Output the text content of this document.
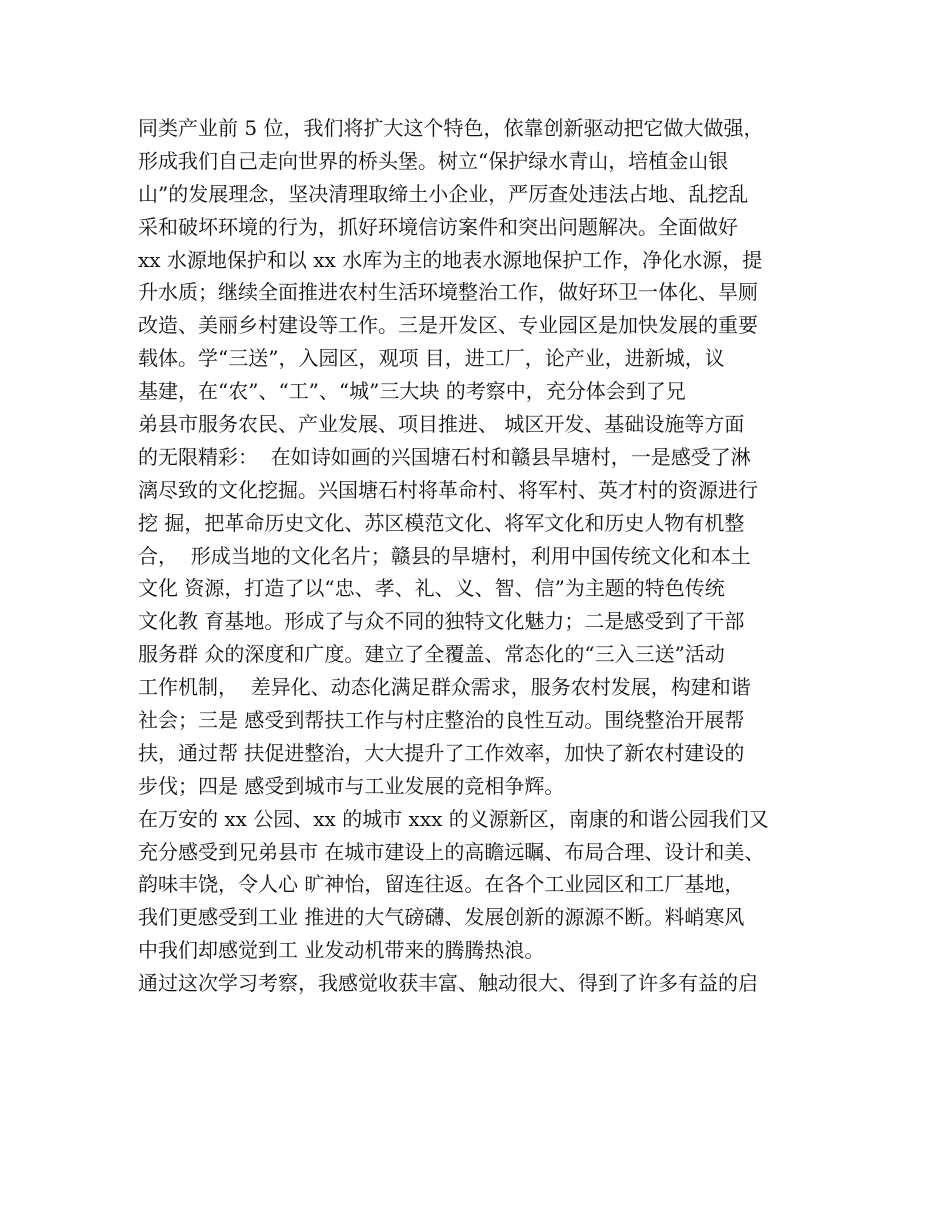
同类产业前 5 位，我们将扩大这个特色，依靠创新驱动把它做大做强，
形成我们自己走向世界的桥头堡。树立“保护绿水青山，培植金山银
山”的发展理念，坚决清理取缔土小企业，严厉查处违法占地、乱挖乱
采和破坏环境的行为，抓好环境信访案件和突出问题解决。全面做好
xx 水源地保护和以 xx 水库为主的地表水源地保护工作，净化水源，提
升水质；继续全面推进农村生活环境整治工作，做好环卫一体化、旱厕
改造、美丽乡村建设等工作。三是开发区、专业园区是加快发展的重要
载体。学“三送”，入园区，观项 目，进工厂，论产业，进新城，议
基建，在“农”、“工”、“城”三大块 的考察中，充分体会到了兄
弟县市服务农民、产业发展、项目推进、 城区开发、基础设施等方面
的无限精彩：  在如诗如画的兴国塘石村和赣县旱塘村，一是感受了淋
漓尽致的文化挖掘。兴国塘石村将革命村、将军村、英才村的资源进行
挖 掘，把革命历史文化、苏区模范文化、将军文化和历史人物有机整
合，  形成当地的文化名片；赣县的旱塘村，利用中国传统文化和本土
文化 资源，打造了以“忠、孝、礼、义、智、信”为主题的特色传统
文化教 育基地。形成了与众不同的独特文化魅力；二是感受到了干部
服务群 众的深度和广度。建立了全覆盖、常态化的“三入三送”活动
工作机制，  差异化、动态化满足群众需求，服务农村发展，构建和谐
社会；三是 感受到帮扶工作与村庄整治的良性互动。围绕整治开展帮
扶，通过帮 扶促进整治，大大提升了工作效率，加快了新农村建设的
步伐；四是 感受到城市与工业发展的竞相争辉。
在万安的 xx 公园、xx 的城市 xxx 的义源新区，南康的和谐公园我们又
充分感受到兄弟县市 在城市建设上的高瞻远瞩、布局合理、设计和美、
韵味丰饶，令人心 旷神怡，留连往返。在各个工业园区和工厂基地，
我们更感受到工业 推进的大气磅礴、发展创新的源源不断。料峭寒风
中我们却感觉到工 业发动机带来的腾腾热浪。
通过这次学习考察，我感觉收获丰富、触动很大、得到了许多有益的启
